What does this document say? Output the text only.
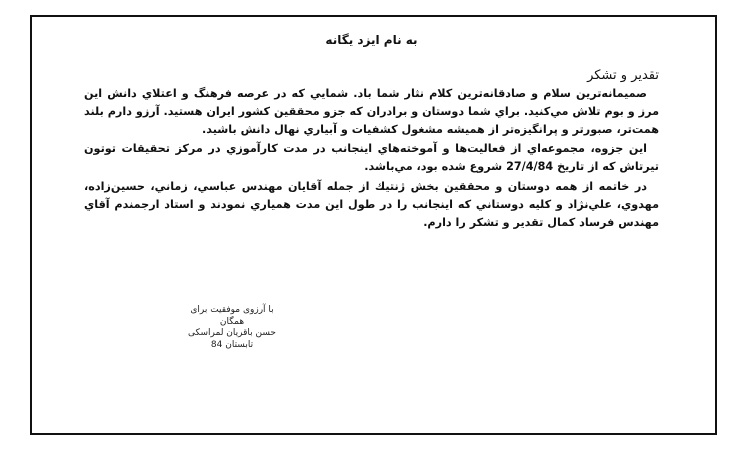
به نام ایزد یگانه
تقدير و تشكر

صميمانه‌ترين سلام و صادقانه‌ترين كلام نثار شما باد. شمايي كه در عرصه فرهنگ و اعتلاي دانش اين مرز و بوم تلاش مي‌كنيد. براي شما دوستان و برادران كه جزو محققين كشور ايران هستيد. آرزو دارم بلند همت‌تر، صبورتر و پرانگيزه‌تر از هميشه مشغول كشفيات و آبياري نهال دانش باشيد.

اين جزوه، مجموعه‌اي از فعاليت‌ها و آموخته‌هاي اينجانب در مدت كارآموزي در مركز تحقيقات توتون تيرتاش كه از تاريخ 27/4/84 شروع شده بود، مي‌باشد.

در خاتمه از همه دوستان و محققين بخش ژنتيك از جمله آقايان مهندس عباسي، زماني، حسين‌زاده، مهدوي، علي‌نژاد و كليه دوستاني كه اينجانب را در طول اين مدت همياري نمودند و استاد ارجمندم آقاي مهندس فرساد كمال تقدير و تشكر را دارم.

با آرزوی موفقیت برای
همگان
حسن باقریان لمراسکی
تابستان 84
